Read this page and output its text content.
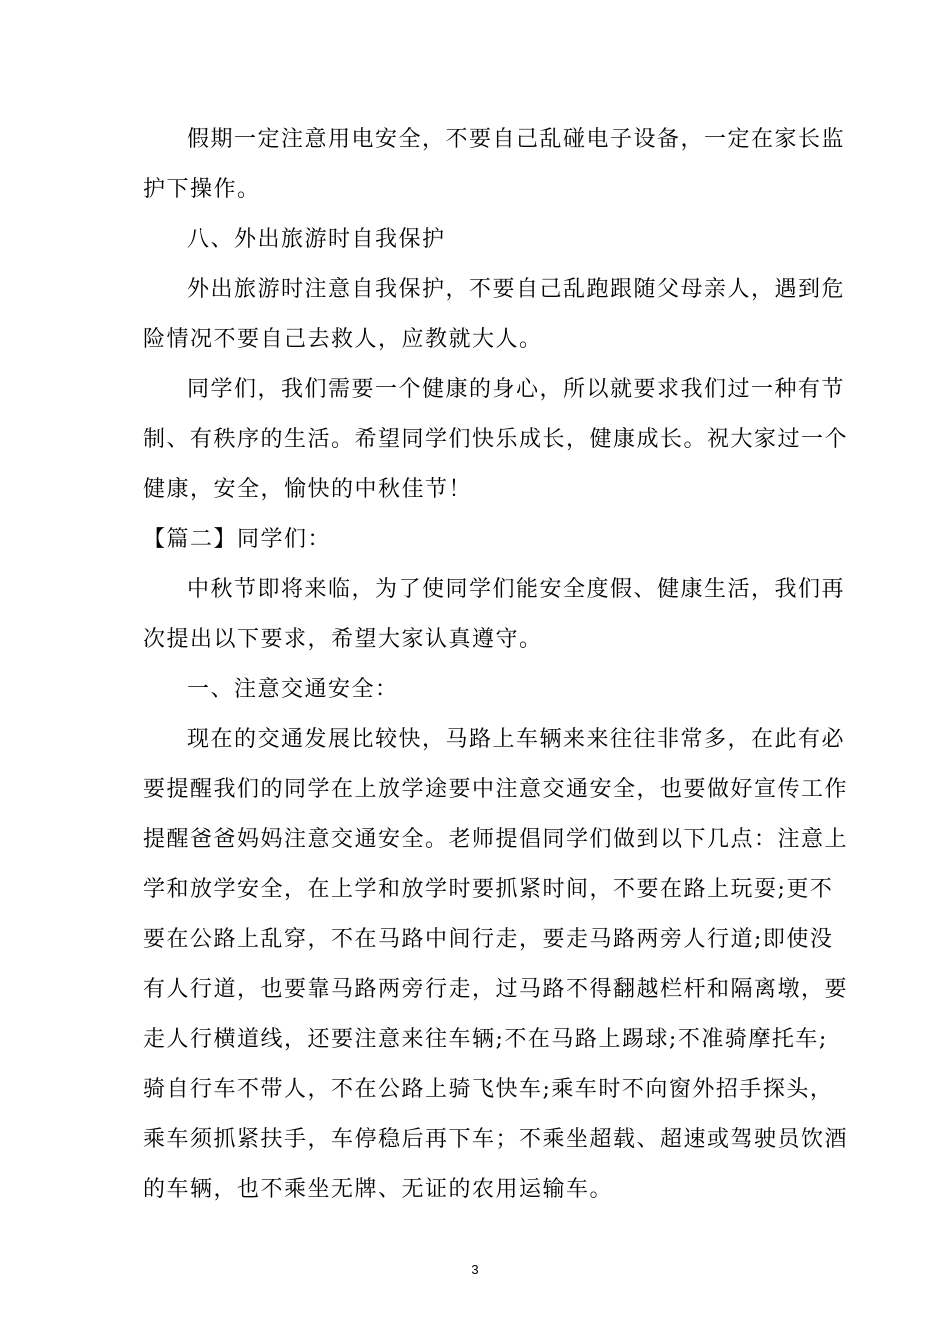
假期一定注意用电安全，不要自己乱碰电子设备，一定在家长监
护下操作。
八、外出旅游时自我保护
外出旅游时注意自我保护，不要自己乱跑跟随父母亲人，遇到危
险情况不要自己去救人，应教就大人。
同学们，我们需要一个健康的身心，所以就要求我们过一种有节
制、有秩序的生活。希望同学们快乐成长，健康成长。祝大家过一个
健康，安全，愉快的中秋佳节！
【篇二】同学们：
中秋节即将来临，为了使同学们能安全度假、健康生活，我们再
次提出以下要求，希望大家认真遵守。
一、注意交通安全：
现在的交通发展比较快，马路上车辆来来往往非常多，在此有必
要提醒我们的同学在上放学途要中注意交通安全，也要做好宣传工作
提醒爸爸妈妈注意交通安全。老师提倡同学们做到以下几点：注意上
学和放学安全，在上学和放学时要抓紧时间，不要在路上玩耍;更不
要在公路上乱穿，不在马路中间行走，要走马路两旁人行道;即使没
有人行道，也要靠马路两旁行走，过马路不得翻越栏杆和隔离墩，要
走人行横道线，还要注意来往车辆;不在马路上踢球;不准骑摩托车;
骑自行车不带人，不在公路上骑飞快车;乘车时不向窗外招手探头，
乘车须抓紧扶手，车停稳后再下车；不乘坐超载、超速或驾驶员饮酒
的车辆，也不乘坐无牌、无证的农用运输车。
3
